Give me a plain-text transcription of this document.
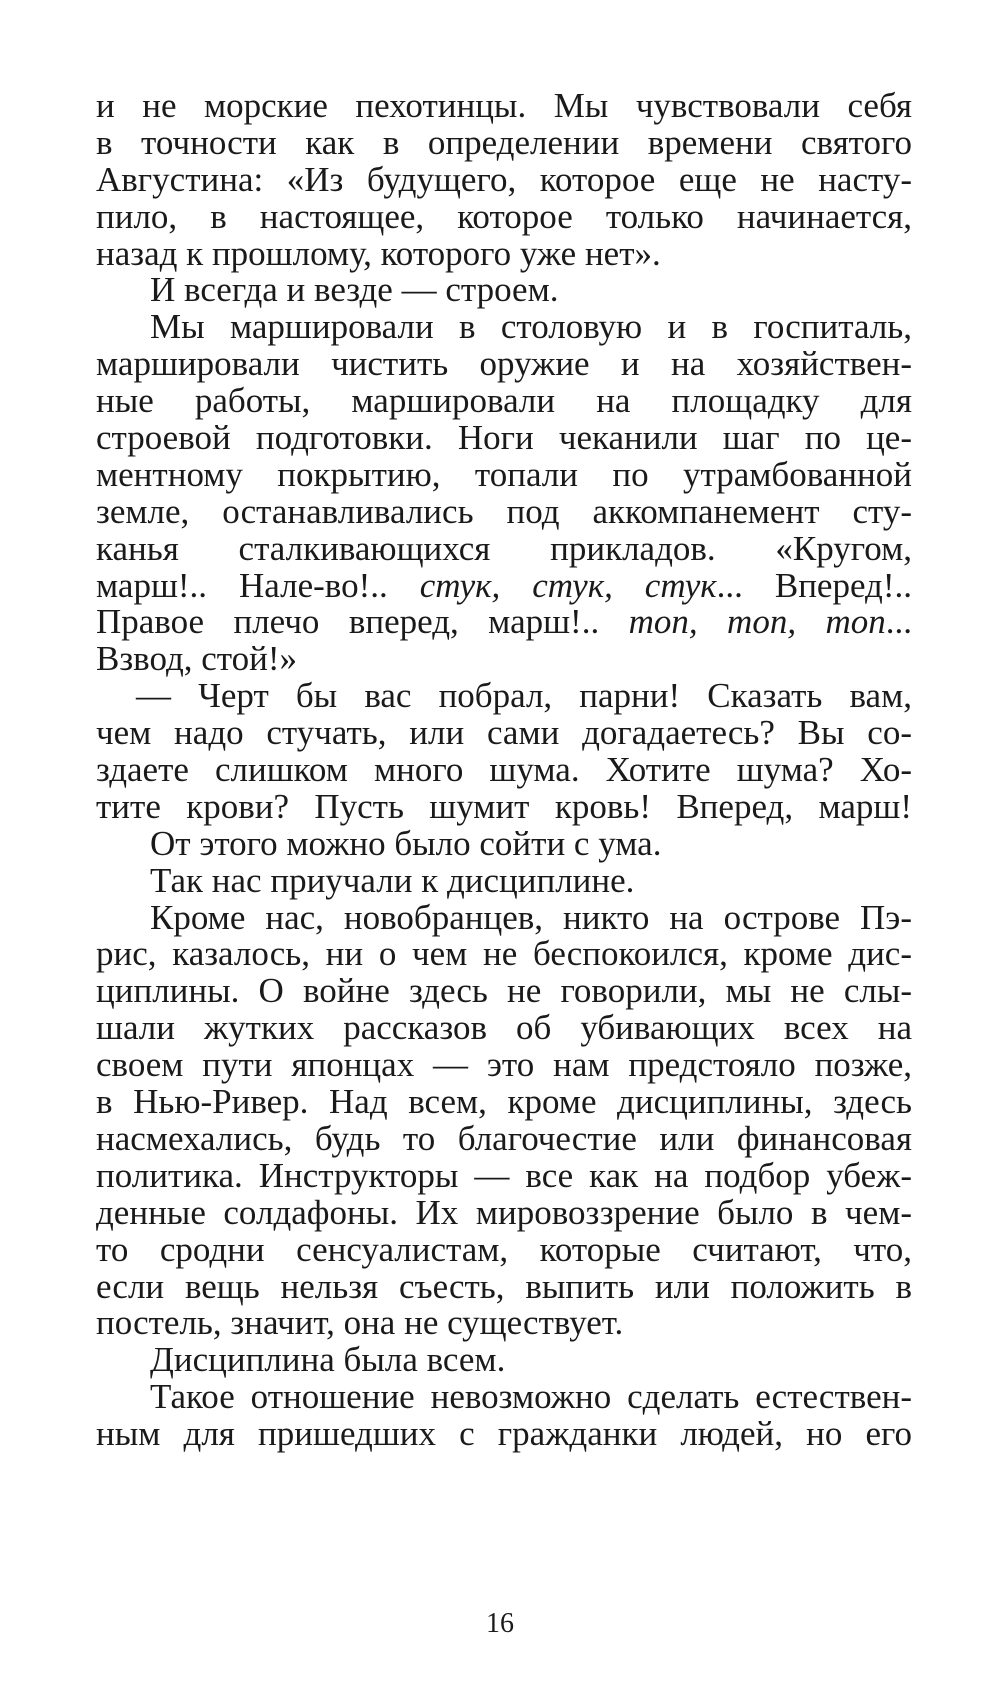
и не морские пехотинцы. Мы чувствовали себя
в точности как в определении времени святого
Августина: «Из будущего, которое еще не насту-
пило, в настоящее, которое только начинается,
назад к прошлому, которого уже нет».
И всегда и везде — строем.
Мы маршировали в столовую и в госпиталь,
маршировали чистить оружие и на хозяйствен-
ные работы, маршировали на площадку для
строевой подготовки. Ноги чеканили шаг по це-
ментному покрытию, топали по утрамбованной
земле, останавливались под аккомпанемент сту-
канья сталкивающихся прикладов. «Кругом,
марш!.. Нале-во!.. стук, стук, стук... Вперед!..
Правое плечо вперед, марш!.. топ, топ, топ...
Взвод, стой!»
— Черт бы вас побрал, парни! Сказать вам,
чем надо стучать, или сами догадаетесь? Вы со-
здаете слишком много шума. Хотите шума? Хо-
тите крови? Пусть шумит кровь! Вперед, марш!
От этого можно было сойти с ума.
Так нас приучали к дисциплине.
Кроме нас, новобранцев, никто на острове Пэ-
рис, казалось, ни о чем не беспокоился, кроме дис-
циплины. О войне здесь не говорили, мы не слы-
шали жутких рассказов об убивающих всех на
своем пути японцах — это нам предстояло позже,
в Нью-Ривер. Над всем, кроме дисциплины, здесь
насмехались, будь то благочестие или финансовая
политика. Инструкторы — все как на подбор убеж-
денные солдафоны. Их мировоззрение было в чем-
то сродни сенсуалистам, которые считают, что,
если вещь нельзя съесть, выпить или положить в
постель, значит, она не существует.
Дисциплина была всем.
Такое отношение невозможно сделать естествен-
ным для пришедших с гражданки людей, но его
16
